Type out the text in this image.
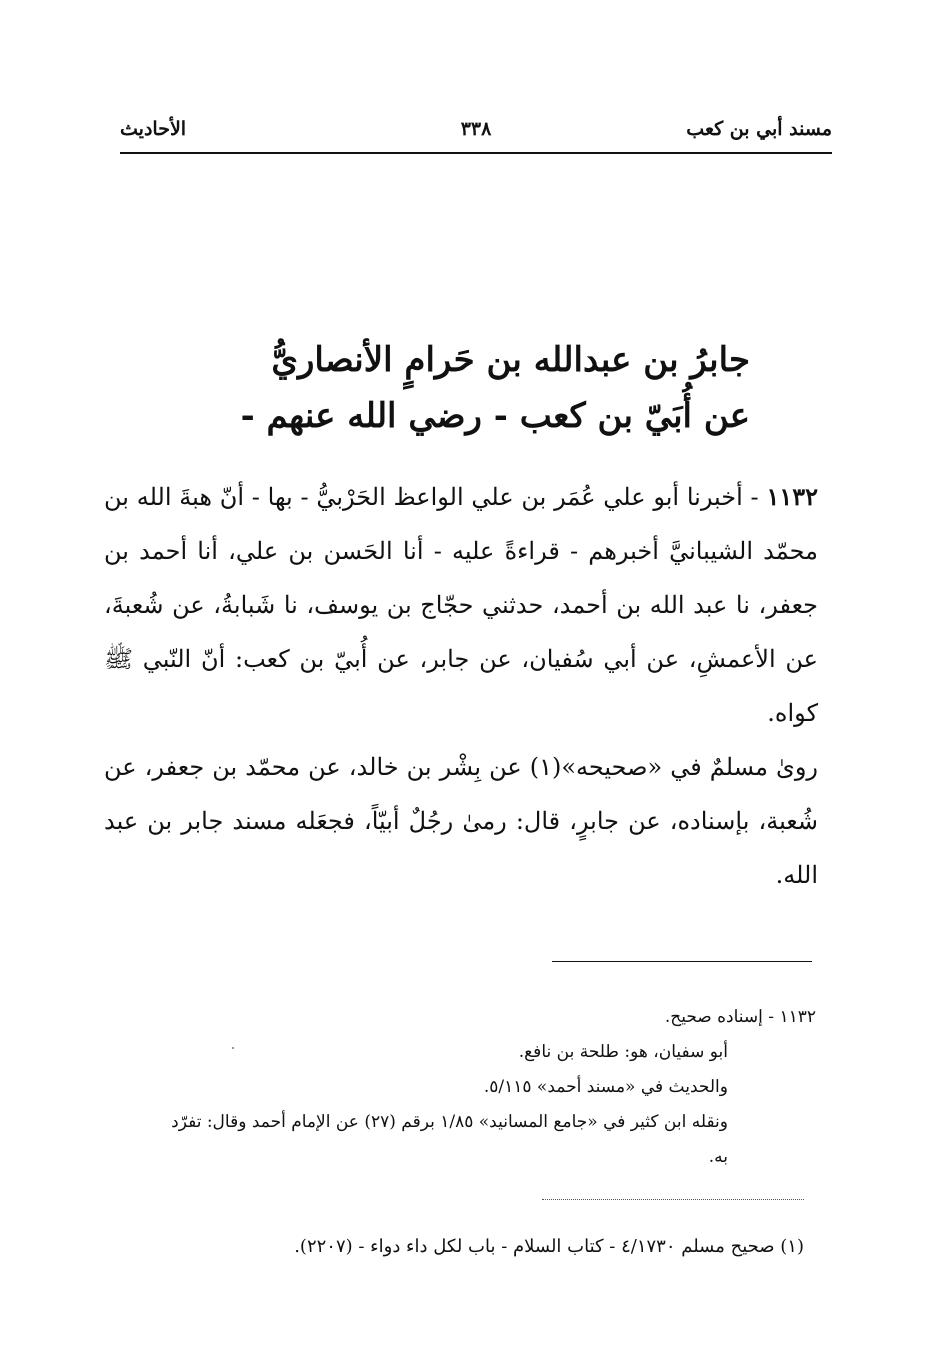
مسند أبي بن كعب
٣٣٨
الأحاديث
جابرُ بن عبدالله بن حَرامٍ الأنصاريُّ
عن أُبَيّ بن كعب - رضي الله عنهم -
١١٣٢ - أخبرنا أبو علي عُمَر بن علي الواعظ الحَرْبيُّ - بها - أنّ هبةَ الله بن محمّد الشيبانيَّ أخبرهم - قراءةً عليه - أنا الحَسن بن علي، أنا أحمد بن جعفر، نا عبد الله بن أحمد، حدثني حجّاج بن يوسف، نا شَبابةُ، عن شُعبةَ، عن الأعمشِ، عن أبي سُفيان، عن جابر، عن أُبيّ بن كعب: أنّ النّبي ﷺ كواه.
روىٰ مسلمٌ في «صحيحه»(١) عن بِشْر بن خالد، عن محمّد بن جعفر، عن شُعبة، بإسناده، عن جابرٍ، قال: رمىٰ رجُلٌ أبيّاً، فجعَله مسند جابر بن عبد الله.
١١٣٢ - إسناده صحيح.
أبو سفيان، هو: طلحة بن نافع.
والحديث في «مسند أحمد» ٥/١١٥.
ونقله ابن كثير في «جامع المسانيد» ١/٨٥ برقم (٢٧) عن الإمام أحمد وقال: تفرّد
به.
(١) صحيح مسلم ٤/١٧٣٠ - كتاب السلام - باب لكل داء دواء - (٢٢٠٧).
